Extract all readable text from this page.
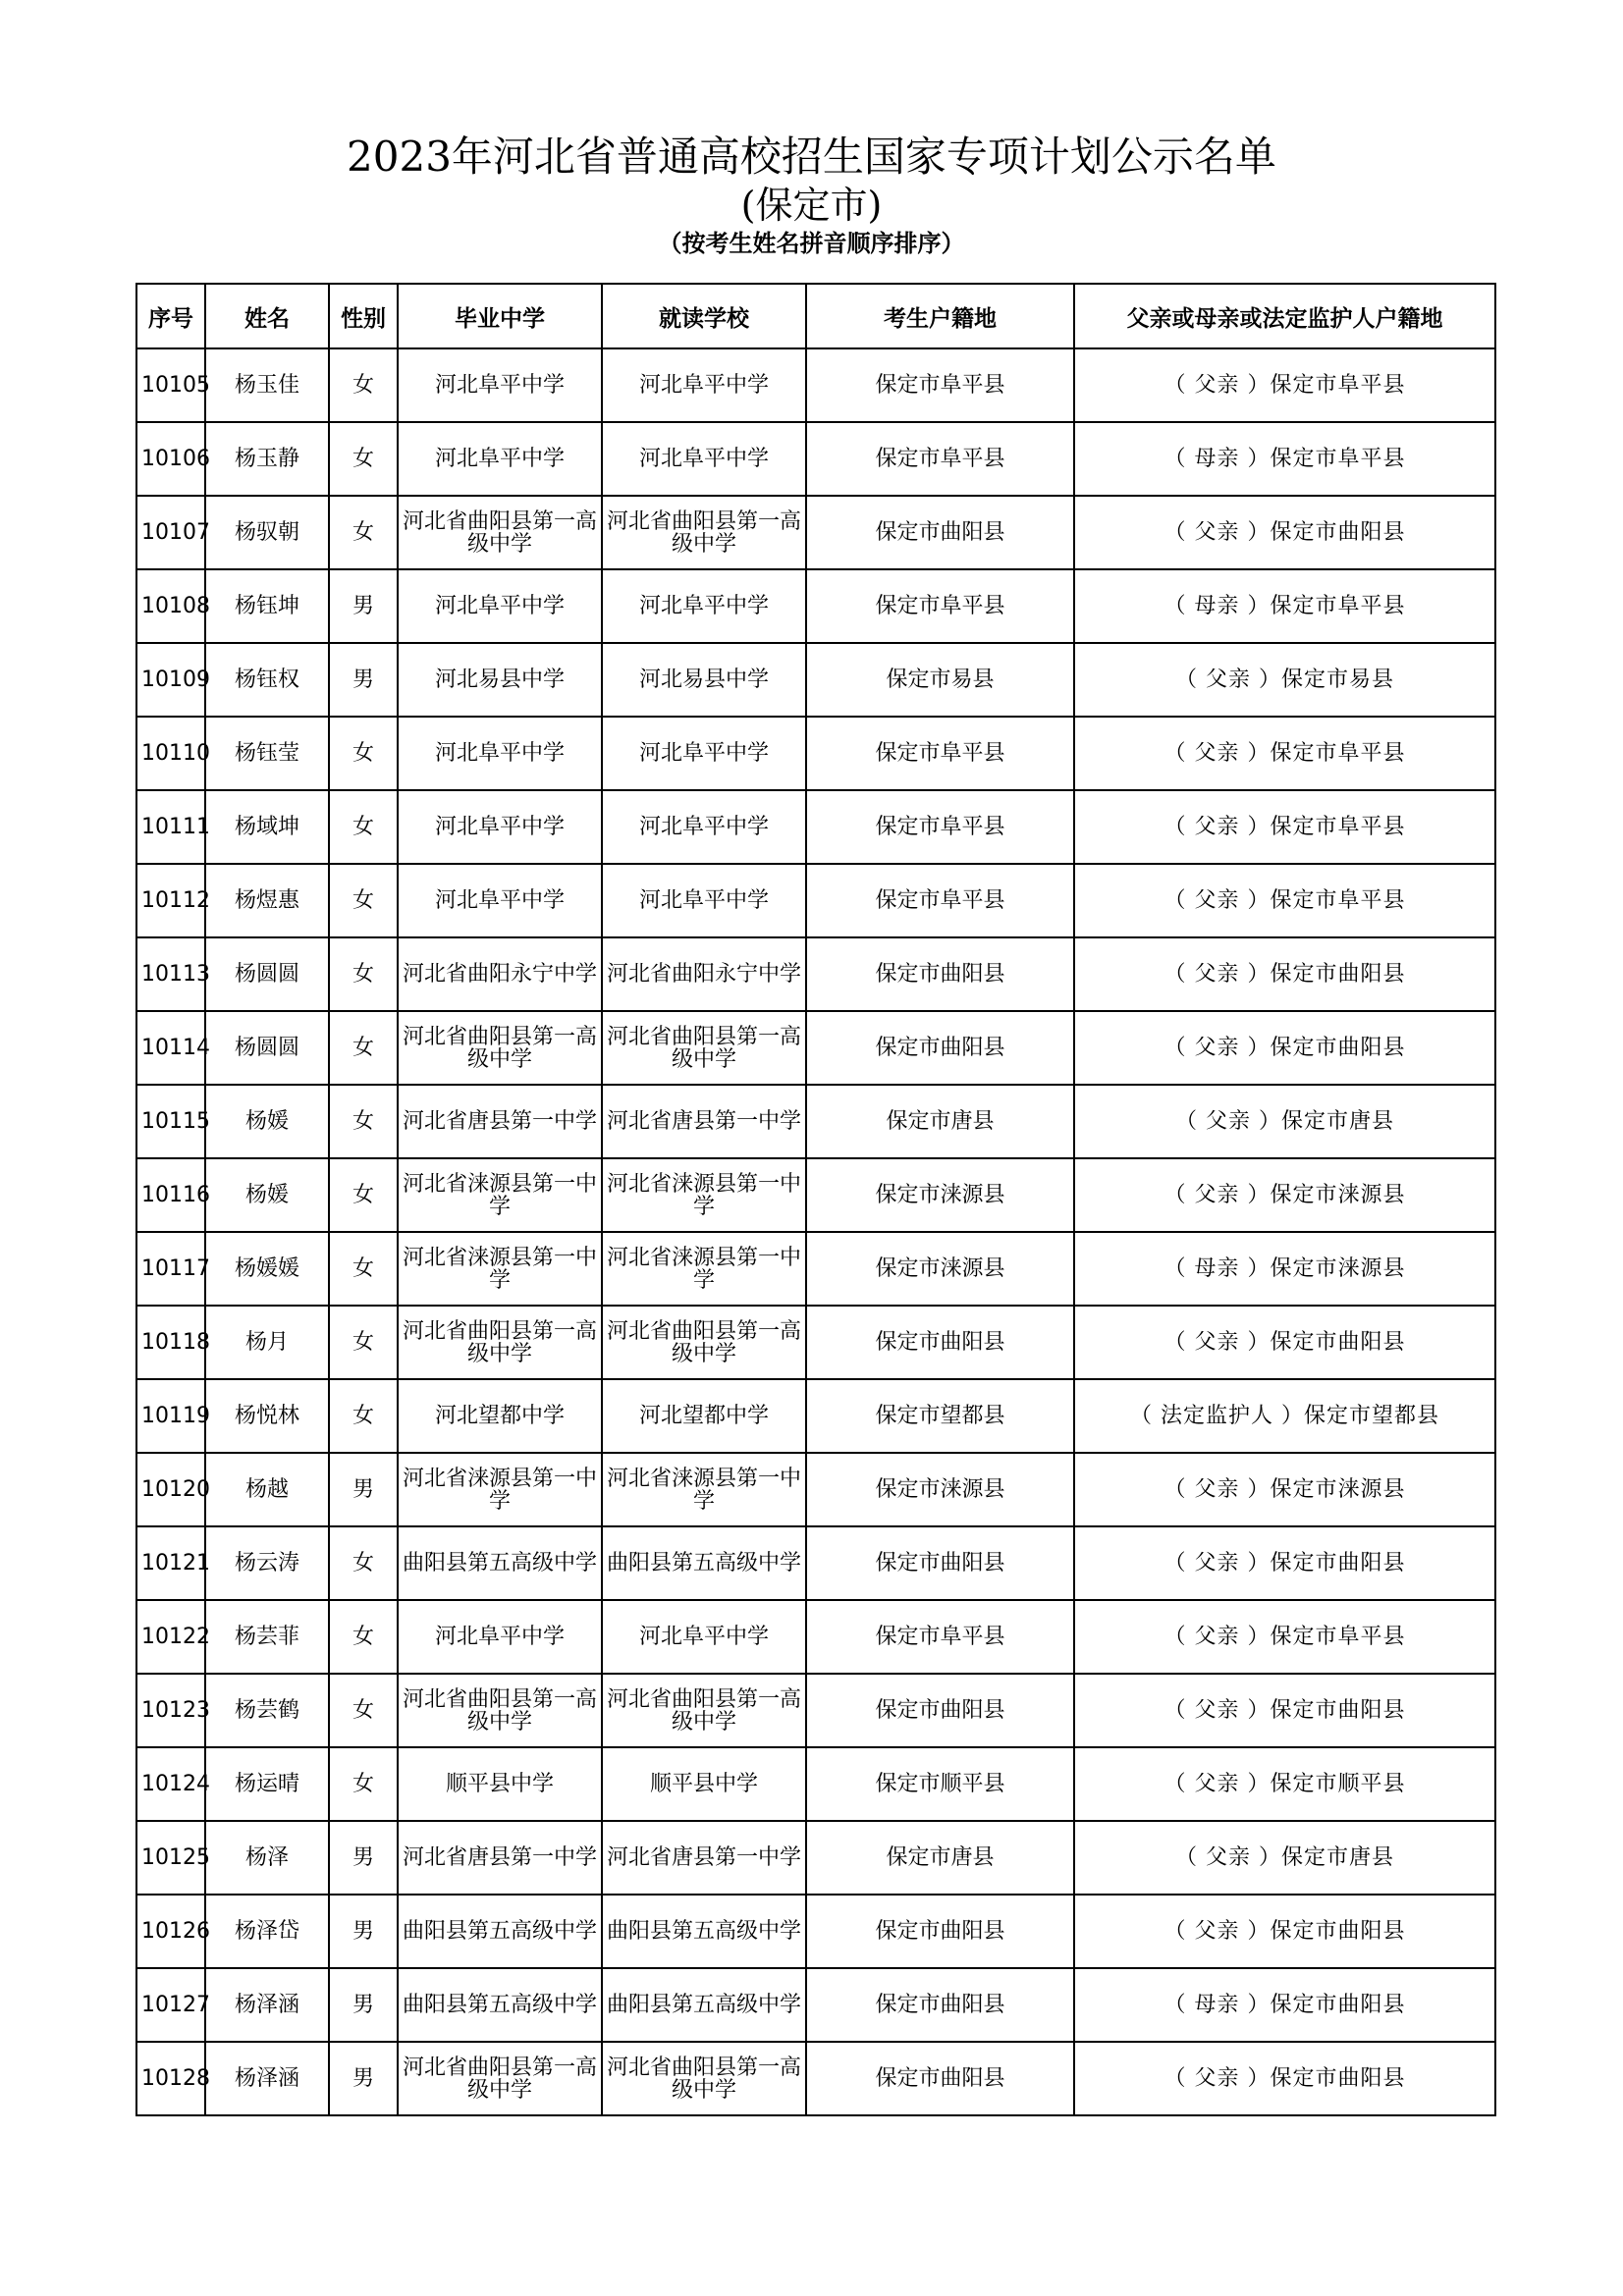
2023年河北省普通高校招生国家专项计划公示名单
(保定市)
（按考生姓名拼音顺序排序）
序号	姓名	性别	毕业中学	就读学校	考生户籍地	父亲或母亲或法定监护人户籍地
10105	杨玉佳	女	河北阜平中学	河北阜平中学	保定市阜平县	（ 父亲 ）保定市阜平县
10106	杨玉静	女	河北阜平中学	河北阜平中学	保定市阜平县	（ 母亲 ）保定市阜平县
10107	杨驭朝	女	河北省曲阳县第一高级中学	河北省曲阳县第一高级中学	保定市曲阳县	（ 父亲 ）保定市曲阳县
10108	杨钰坤	男	河北阜平中学	河北阜平中学	保定市阜平县	（ 母亲 ）保定市阜平县
10109	杨钰权	男	河北易县中学	河北易县中学	保定市易县	（ 父亲 ）保定市易县
10110	杨钰莹	女	河北阜平中学	河北阜平中学	保定市阜平县	（ 父亲 ）保定市阜平县
10111	杨域坤	女	河北阜平中学	河北阜平中学	保定市阜平县	（ 父亲 ）保定市阜平县
10112	杨煜惠	女	河北阜平中学	河北阜平中学	保定市阜平县	（ 父亲 ）保定市阜平县
10113	杨圆圆	女	河北省曲阳永宁中学	河北省曲阳永宁中学	保定市曲阳县	（ 父亲 ）保定市曲阳县
10114	杨圆圆	女	河北省曲阳县第一高级中学	河北省曲阳县第一高级中学	保定市曲阳县	（ 父亲 ）保定市曲阳县
10115	杨媛	女	河北省唐县第一中学	河北省唐县第一中学	保定市唐县	（ 父亲 ）保定市唐县
10116	杨媛	女	河北省涞源县第一中学	河北省涞源县第一中学	保定市涞源县	（ 父亲 ）保定市涞源县
10117	杨媛媛	女	河北省涞源县第一中学	河北省涞源县第一中学	保定市涞源县	（ 母亲 ）保定市涞源县
10118	杨月	女	河北省曲阳县第一高级中学	河北省曲阳县第一高级中学	保定市曲阳县	（ 父亲 ）保定市曲阳县
10119	杨悦林	女	河北望都中学	河北望都中学	保定市望都县	（ 法定监护人 ）保定市望都县
10120	杨越	男	河北省涞源县第一中学	河北省涞源县第一中学	保定市涞源县	（ 父亲 ）保定市涞源县
10121	杨云涛	女	曲阳县第五高级中学	曲阳县第五高级中学	保定市曲阳县	（ 父亲 ）保定市曲阳县
10122	杨芸菲	女	河北阜平中学	河北阜平中学	保定市阜平县	（ 父亲 ）保定市阜平县
10123	杨芸鹤	女	河北省曲阳县第一高级中学	河北省曲阳县第一高级中学	保定市曲阳县	（ 父亲 ）保定市曲阳县
10124	杨运晴	女	顺平县中学	顺平县中学	保定市顺平县	（ 父亲 ）保定市顺平县
10125	杨泽	男	河北省唐县第一中学	河北省唐县第一中学	保定市唐县	（ 父亲 ）保定市唐县
10126	杨泽岱	男	曲阳县第五高级中学	曲阳县第五高级中学	保定市曲阳县	（ 父亲 ）保定市曲阳县
10127	杨泽涵	男	曲阳县第五高级中学	曲阳县第五高级中学	保定市曲阳县	（ 母亲 ）保定市曲阳县
10128	杨泽涵	男	河北省曲阳县第一高级中学	河北省曲阳县第一高级中学	保定市曲阳县	（ 父亲 ）保定市曲阳县
